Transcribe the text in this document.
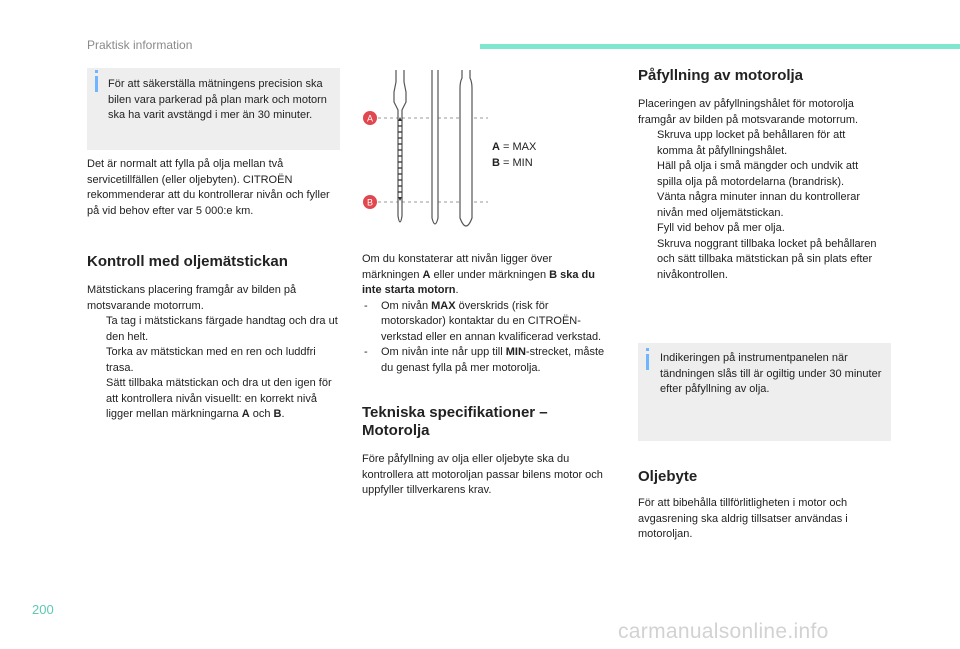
Praktisk information

För att säkerställa mätningens precision ska bilen vara parkerad på plan mark och motorn ska ha varit avstängd i mer än 30 minuter.

Det är normalt att fylla på olja mellan två servicetillfällen (eller oljebyten). CITROËN rekommenderar att du kontrollerar nivån och fyller på vid behov efter var 5 000:e km.

Kontroll med oljemätstickan

Mätstickans placering framgår av bilden på motsvarande motorrum.

Ta tag i mätstickans färgade handtag och dra ut den helt.
Torka av mätstickan med en ren och luddfri trasa.
Sätt tillbaka mätstickan och dra ut den igen för att kontrollera nivån visuellt: en korrekt nivå ligger mellan märkningarna A och B.
A
B
A = MAX
B = MIN

Om du konstaterar att nivån ligger över märkningen A eller under märkningen B ska du inte starta motorn.

- Om nivån MAX överskrids (risk för motorskador) kontaktar du en CITROËN-verkstad eller en annan kvalificerad verkstad.
- Om nivån inte når upp till MIN-strecket, måste du genast fylla på mer motorolja.
Tekniska specifikationer – Motorolja

Före påfyllning av olja eller oljebyte ska du kontrollera att motoroljan passar bilens motor och uppfyller tillverkarens krav.

Påfyllning av motorolja

Placeringen av påfyllningshålet för motorolja framgår av bilden på motsvarande motorrum.

Skruva upp locket på behållaren för att komma åt påfyllningshålet.
Häll på olja i små mängder och undvik att spilla olja på motordelarna (brandrisk).
Vänta några minuter innan du kontrollerar nivån med oljemätstickan.
Fyll vid behov på mer olja.
Skruva noggrant tillbaka locket på behållaren och sätt tillbaka mätstickan på sin plats efter nivåkontrollen.

Indikeringen på instrumentpanelen när tändningen slås till är ogiltig under 30 minuter efter påfyllning av olja.

Oljebyte

För att bibehålla tillförlitligheten i motor och avgasrening ska aldrig tillsatser användas i motoroljan.

200
carmanualsonline.info
